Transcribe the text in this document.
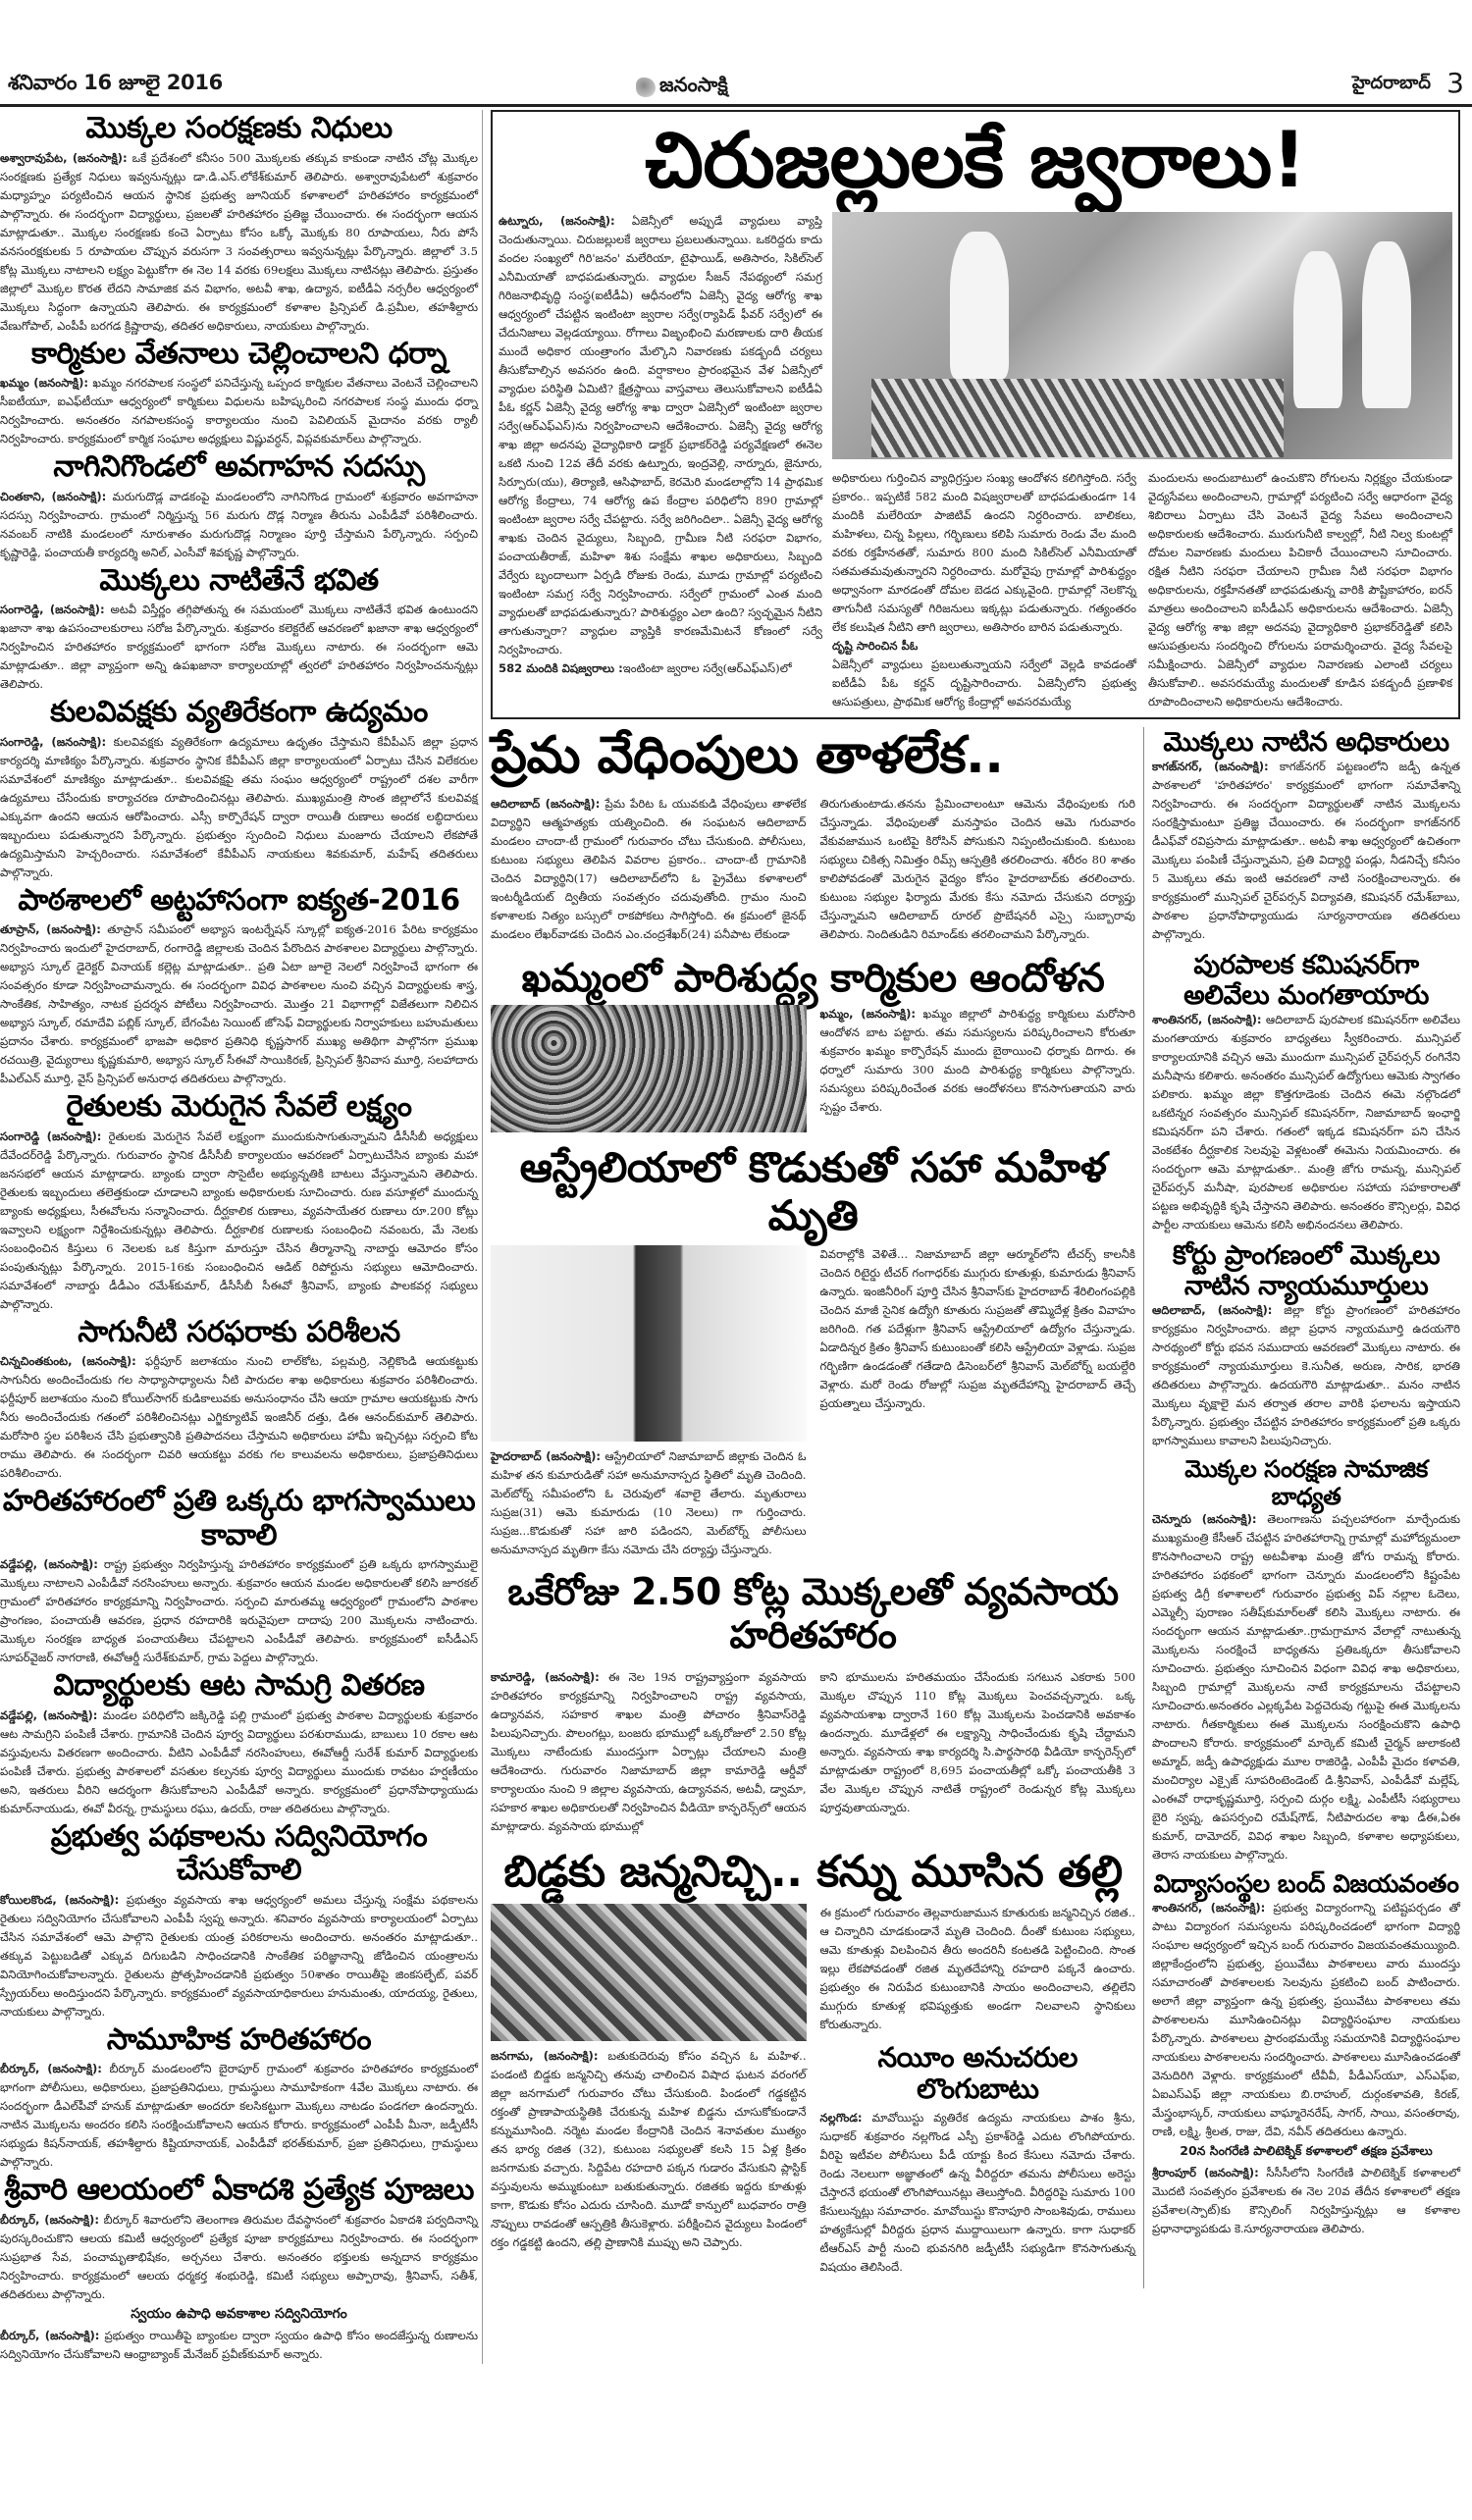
శనివారం 16 జూలై 2016	జనంసాక్షి	హైదరాబాద్ 3
మొక్కల సంరక్షణకు నిధులు

అశ్వారావుపేట, (జనంసాక్షి): ఒకే ప్రదేశంలో కనీసం 500 మొక్కలకు తక్కువ కాకుండా నాటిన చోట్ల మొక్కల సంరక్షణకు ప్రత్యేక నిధులు ఇవ్వనున్నట్లు డా.డి.ఎస్.లోకేశ్‌కుమార్ తెలిపారు. అశ్వారావుపేటలో శుక్రవారం మధ్యాహ్నం పర్యటించిన ఆయన స్థానిక ప్రభుత్వ జూనియర్ కళాశాలలో హరితహారం కార్యక్రమంలో పాల్గొన్నారు. ఈ సందర్భంగా విద్యార్థులు, ప్రజలతో హరితహారం ప్రతిజ్ఞ చేయించారు. ఈ సందర్భంగా ఆయన మాట్లాడుతూ.. మొక్కల సంరక్షణకు కంచె ఏర్పాటు కోసం ఒక్కో మొక్కకు 80 రూపాయలు, నీరు పోసే వనసంరక్షకులకు 5 రూపాయల చొప్పున వరుసగా 3 సంవత్సరాలు ఇవ్వనున్నట్లు పేర్కొన్నారు. జిల్లాలో 3.5 కోట్ల మొక్కలు నాటాలని లక్ష్యం పెట్టుకోగా ఈ నెల 14 వరకు 69లక్షలు మొక్కలు నాటినట్లు తెలిపారు. ప్రస్తుతం జిల్లాలో మొక్కల కొరత లేదని సామాజిక వన విభాగం, అటవీ శాఖ, ఉద్యాన, ఐటీడీఏ నర్సరీల ఆధ్వర్యంలో మొక్కలు సిద్ధంగా ఉన్నాయని తెలిపారు. ఈ కార్యక్రమంలో కళాశాల ప్రిన్సిపల్ డి.ప్రమీల, తహశీల్దారు వేణుగోపాల్, ఎంపీపీ బరగడ క్రిష్ణారావు, తదితర అధికారులు, నాయకులు పాల్గొన్నారు.

కార్మికుల వేతనాలు చెల్లించాలని ధర్నా

ఖమ్మం (జనంసాక్షి): ఖమ్మం నగరపాలక సంస్థలో పనిచేస్తున్న ఒప్పంద కార్మికుల వేతనాలు వెంటనే చెల్లించాలని సీఐటీయూ, ఐఎఫ్‌టీయూ ఆధ్వర్యంలో కార్మికులు విధులను బహిష్కరించి నగరపాలక సంస్థ ముందు ధర్నా నిర్వహించారు. అనంతరం నగపాలకసంస్థ కార్యాలయం నుంచి పెవిలియన్ మైదానం వరకు ర్యాలీ నిర్వహించారు. కార్యక్రమంలో కార్మిక సంఘాల అధ్యక్షులు విష్ణువర్ధన్, విప్లవకుమార్‌లు పాల్గొన్నారు.

నాగినిగొండలో అవగాహన సదస్సు

చింతకాని, (జనంసాక్షి): మరుగుదొడ్ల వాడకంపై మండలంలోని నాగినిగొండ గ్రామంలో శుక్రవారం అవగాహనా సదస్సు నిర్వహించారు. గ్రామంలో నిర్మిస్తున్న 56 మరుగు దొడ్ల నిర్మాణ తీరును ఎంపీడీవో పరిశీలించారు. నవంబర్ నాటికి మండలంలో నూరుశాతం మరుగుదొడ్ల నిర్మాణం పూర్తి చేస్తామని పేర్కొన్నారు. సర్పంచి కృష్ణారెడ్డి, పంచాయతీ కార్యదర్శి అనిల్, ఎంసీవో శివకృష్ణ పాల్గొన్నారు.

మొక్కలు నాటితేనే భవిత

సంగారెడ్డి, (జనంసాక్షి): అటవీ విస్తీర్ణం తగ్గిపోతున్న ఈ సమయంలో మొక్కలు నాటితేనే భవిత ఉంటుందని ఖజానా శాఖ ఉపసంచాలకురాలు సరోజ పేర్కొన్నారు. శుక్రవారం కలెక్టరేట్ ఆవరణలో ఖజానా శాఖ ఆధ్వర్యంలో నిర్వహించిన హరితహారం కార్యక్రమంలో భాగంగా సరోజ మొక్కలు నాటారు. ఈ సందర్భంగా ఆమె మాట్లాడుతూ.. జిల్లా వ్యాప్తంగా అన్ని ఉపఖజానా కార్యాలయాల్లో త్వరలో హరితహారం నిర్వహించనున్నట్లు తెలిపారు.

కులవివక్షకు వ్యతిరేకంగా ఉద్యమం

సంగారెడ్డి, (జనంసాక్షి): కులవివక్షకు వ్యతిరేకంగా ఉద్యమాలు ఉధృతం చేస్తామని కేవీపీఎస్ జిల్లా ప్రధాన కార్యదర్శి మాణిక్యం పేర్కొన్నారు. శుక్రవారం స్థానిక కేవీపీఎస్ జిల్లా కార్యాలయంలో ఏర్పాటు చేసిన విలేకరుల సమావేశంలో మాణిక్యం మాట్లాడుతూ.. కులవివక్షపై తమ సంఘం ఆధ్వర్యంలో రాష్ట్రంలో దశల వారీగా ఉద్యమాలు చేసేందుకు కార్యాచరణ రూపొందించినట్లు తెలిపారు. ముఖ్యమంత్రి సొంత జిల్లాలోనే కులవివక్ష ఎక్కువగా ఉందని ఆయన ఆరోపించారు. ఎస్సీ కార్పొరేషన్ ద్వారా రాయితీ రుణాలు అందక లబ్ధిదారులు ఇబ్బందులు పడుతున్నారని పేర్కొన్నారు. ప్రభుత్వం స్పందించి నిధులు మంజూరు చేయాలని లేకపోతే ఉద్యమిస్తామని హెచ్చరించారు. సమావేశంలో కేవీపీఎస్ నాయకులు శివకుమార్, మహేష్ తదితరులు పాల్గొన్నారు.

పాఠశాలలో అట్టహాసంగా ఐక్యత-2016

తూప్రాన్, (జనంసాక్షి): తూప్రాన్ సమీపంలో అభ్యాస ఇంటర్నేషన్ స్కూల్లో ఐక్యత-2016 పేరిట కార్యక్రమం నిర్వహించారు ఇందులో హైదరాబాద్, రంగారెడ్డి జిల్లాలకు చెందిన పేరొందిన పాఠశాలల విద్యార్థులు పాల్గొన్నారు. అభ్యాస స్కూల్ డైరెక్టర్ వినాయక్ కల్లెట్ల మాట్లాడుతూ.. ప్రతి ఏటా జూలై నెలలో నిర్వహించే భాగంగా ఈ సంవత్సరం కూడా నిర్వహించామన్నారు. ఈ సందర్భంగా వివిధ పాఠశాలల నుంచి వచ్చిన విద్యార్థులకు శాస్త్ర, సాంకేతిక, సాహిత్యం, నాటక ప్రదర్శన పోటీలు నిర్వహించారు. మొత్తం 21 విభాగాల్లో విజేతలుగా నిలిచిన అభ్యాస స్కూల్, రమాదేవి పబ్లిక్ స్కూల్, బేగంపేట సెయింట్ జోసెఫ్ విద్యార్థులకు నిర్వాహకులు బహుమతులు ప్రదానం చేశారు. కార్యక్రమంలో భాజపా అధికార ప్రతినిధి కృష్ణసాగర్ ముఖ్య అతిథిగా పాల్గొనగా ప్రముఖ రచయిత్రి, వైద్యురాలు కృష్ణకుమారి, అభ్యాస స్కూల్ సీఈవో సాయికిరణ్, ప్రిన్సిపల్ శ్రీనివాస మూర్తి, సలహాదారు పీఎల్ఎన్ మూర్తి, వైస్ ప్రిన్సిపల్ అనురాధ తదితరులు పాల్గొన్నారు.

రైతులకు మెరుగైన సేవలే లక్ష్యం

సంగారెడ్డి (జనంసాక్షి): రైతులకు మెరుగైన సేవలే లక్ష్యంగా ముందుకుసాగుతున్నామని డీసీసీబీ అధ్యక్షులు దేవేందర్‌రెడ్డి పేర్కొన్నారు. గురువారం స్థానిక డీసీసీబీ కార్యాలయం ఆవరణలో ఏర్పాటుచేసిన బ్యాంకు మహా జనసభలో ఆయన మాట్లాడారు. బ్యాంకు ద్వారా సొసైటీల అభ్యున్నతికి బాటలు వేస్తున్నామని తెలిపారు. రైతులకు ఇబ్బందులు తలెత్తకుండా చూడాలని బ్యాంకు అధికారులకు సూచించారు. రుణ వసూళ్లలో ముందున్న బ్యాంకు అధ్యక్షులు, సీఈవోలను సన్మానించారు. దీర్ఘకాలిక రుణాలు, వ్యవసాయేతర రుణాలు రూ.200 కోట్లు ఇవ్వాలని లక్ష్యంగా నిర్దేశించుకున్నట్లు తెలిపారు. దీర్ఘకాలిక రుణాలకు సంబంధించి నవంబరు, మే నెలకు సంబంధించిన కిస్తులు 6 నెలలకు ఒక కిస్తుగా మారుస్తూ చేసిన తీర్మానాన్ని నాబార్డు ఆమోదం కోసం పంపుతున్నట్లు పేర్కొన్నారు. 2015-16కు సంబంధించిన ఆడిట్ రిపోర్టును సభ్యులు ఆమోదించారు. సమావేశంలో నాబార్డు డీడీఎం రమేశ్‌కుమార్, డీసీసీబీ సీఈవో శ్రీనివాస్, బ్యాంకు పాలకవర్గ సభ్యులు పాల్గొన్నారు.

సాగునీటి సరఫరాకు పరిశీలన

చిన్నచింతకుంట, (జనంసాక్షి): ఫర్దీపూర్ జలాశయం నుంచి లాల్‌కోట, పల్లమర్రి, నెల్లికొండి ఆయకట్టుకు సాగునీరు అందించేందుకు గల సాధ్యాసాధ్యాలను నీటి పారుదల శాఖ అధికారులు శుక్రవారం పరిశీలించారు. ఫర్దీపూర్ జలాశయం నుంచి కోయిల్‌సాగర్ కుడికాలువకు అనుసంధానం చేసి ఆయా గ్రామాల ఆయకట్టుకు సాగు నీరు అందించేందుకు గతంలో పరిశీలించినట్లు ఎగ్జిక్యూటివ్ ఇంజినీర్ దత్తు, డిఈ ఆనంద్‌కుమార్ తెలిపారు. మరోసారి స్థల పరిశీలన చేసి ప్రభుత్వానికి ప్రతిపాదనలు చేస్తామని అధికారులు హామీ ఇచ్చినట్లు సర్పంచి కోట రాము తెలిపారు. ఈ సందర్భంగా చివరి ఆయకట్టు వరకు గల కాలువలను అధికారులు, ప్రజాప్రతినిధులు పరిశీలించారు.

హరితహారంలో ప్రతి ఒక్కరు భాగస్వాములు కావాలి

వడ్డేపల్లి, (జనంసాక్షి): రాష్ట్ర ప్రభుత్వం నిర్వహిస్తున్న హరితహారం కార్యక్రమంలో ప్రతి ఒక్కరు భాగస్వాములై మొక్కలు నాటాలని ఎంపీడీవో నరసింహులు అన్నారు. శుక్రవారం ఆయన మండల అధికారులతో కలిసి జూరకల్ గ్రామంలో హరితహారం కార్యక్రమాన్ని నిర్వహించారు. సర్పంచి మారుతమ్మ ఆధ్వర్యంలో గ్రామంలోని పాఠశాల ప్రాంగణం, పంచాయతీ ఆవరణ, ప్రధాన రహదారికి ఇరువైపులా దాదాపు 200 మొక్కలను నాటించారు. మొక్కల సంరక్షణ బాధ్యత పంచాయతీలు చేపట్టాలని ఎంపీడీవో తెలిపారు. కార్యక్రమంలో ఐసీడీఎస్ సూపర్‌వైజర్ నాగరాణి, ఈవోఆర్డీ సురేశ్‌కుమార్, గ్రామ పెద్దలు పాల్గొన్నారు.

విద్యార్థులకు ఆట సామగ్రి వితరణ

వడ్డేపల్లి, (జనంసాక్షి): మండల పరిధిలోని జక్కిరెడ్డి పల్లి గ్రామంలో ప్రభుత్వ పాఠశాల విద్యార్థులకు శుక్రవారం ఆట సామగ్రిని పంపిణీ చేశారు. గ్రామానికి చెందిన పూర్వ విద్యార్థులు పరశురాముడు, బాబులు 10 రకాల ఆట వస్తువులను వితరణగా అందించారు. వీటిని ఎంపీడీవో నరసింహులు, ఈవోఆర్డీ సురేశ్ కుమార్ విద్యార్థులకు పంపిణీ చేశారు. ప్రభుత్వ పాఠశాలలో వసతుల కల్పనకు పూర్వ విద్యార్థులు ముందుకు రావటం హర్షణీయం అని, ఇతరులు వీరిని ఆదర్శంగా తీసుకోవాలని ఎంపీడీవో అన్నారు. కార్యక్రమంలో ప్రధానోపాధ్యాయుడు కుమార్‌నాయుడు, ఈవో వీరన్న, గ్రామస్థులు రఘు, ఉదయ్, రాజు తదితరులు పాల్గొన్నారు.

ప్రభుత్వ పథకాలను సద్వినియోగం చేసుకోవాలి

కోయిలకొండ, (జనంసాక్షి): ప్రభుత్వం వ్యవసాయ శాఖ ఆధ్వర్యంలో అమలు చేస్తున్న సంక్షేమ పథకాలను రైతులు సద్వినియోగం చేసుకోవాలని ఎంపీపీ స్వప్న అన్నారు. శనివారం వ్యవసాయ కార్యాలయంలో ఏర్పాటు చేసిన సమావేశంలో ఆమె పాల్గొని రైతులకు యంత్ర పరికరాలను అందించారు. అనంతరం మాట్లాడుతూ.. తక్కువ పెట్టుబడితో ఎక్కువ దిగుబడిని సాధించడానికి సాంకేతిక పరిజ్ఞానాన్ని జోడించిన యంత్రాలను వినియోగించుకోవాలన్నారు. రైతులను ప్రోత్సహించడానికి ప్రభుత్వం 50శాతం రాయితీపై జింకసల్ఫేట్, పవర్ స్ప్రేయర్‌లు అందిస్తుందని పేర్కొన్నారు. కార్యక్రమంలో వ్యవసాయాధికారులు హనుమంతు, యాదయ్య, రైతులు, నాయకులు పాల్గొన్నారు.

సామూహిక హరితహారం

బీర్కూర్, (జనంసాక్షి): బీర్కూర్ మండలంలోని బైరాపూర్ గ్రామంలో శుక్రవారం హరితహారం కార్యక్రమంలో భాగంగా పోలీసులు, అధికారులు, ప్రజాప్రతినిధులు, గ్రామస్థులు సామూహికంగా 4వేల మొక్కలు నాటారు. ఈ సందర్భంగా డీఎల్‌పీవో హనుక్ మాట్లాడుతూ అందరూ కలసికట్టుగా మొక్కలు నాటడం పండగలా ఉందన్నారు. నాటిన మొక్కలను అందరం కలిసి సంరక్షించుకోవాలని ఆయన కోరారు. కార్యక్రమంలో ఎంపీపీ మీనా, జడ్పీటీసీ సభ్యుడు కిషన్‌నాయక్, తహశీల్దారు కిష్టియానాయక్, ఎంపీడీవో భరత్‌కుమార్, ప్రజా ప్రతినిధులు, గ్రామస్థులు పాల్గొన్నారు.

శ్రీవారి ఆలయంలో ఏకాదశి ప్రత్యేక పూజలు

బీర్కూర్, (జనంసాక్షి): బీర్కూర్ శివారులోని తెలంగాణ తిరుమల దేవస్థానంలో శుక్రవారం ఏకాదశి పర్వదినాన్ని పురస్కరించుకొని ఆలయ కమిటీ ఆధ్వర్యంలో ప్రత్యేక పూజా కార్యక్రమాలు నిర్వహించారు. ఈ సందర్భంగా సుప్రభాత సేవ, పంచామృతాభిషేకం, అర్చనలు చేశారు. అనంతరం భక్తులకు అన్నదాన కార్యక్రమం నిర్వహించారు. కార్యక్రమంలో ఆలయ ధర్మకర్త శంభురెడ్డి, కమిటీ సభ్యులు అప్పారావు, శ్రీనివాస్, సతీశ్, తదితరులు పాల్గొన్నారు.

స్వయం ఉపాధి అవకాశాల సద్వినియోగం

బీర్కూర్, (జనంసాక్షి): ప్రభుత్వం రాయితీపై బ్యాంకుల ద్వారా స్వయం ఉపాధి కోసం అందజేస్తున్న రుణాలను సద్వినియోగం చేసుకోవాలని ఆంధ్రాబ్యాంక్ మేనేజర్ ప్రవీణ్‌కుమార్ అన్నారు.

చిరుజల్లులకే జ్వరాలు!
ఉట్నూరు, (జనంసాక్షి): ఏజెన్సీలో అప్పుడే వ్యాధులు వ్యాప్తి చెందుతున్నాయి. చిరుజల్లులకే జ్వరాలు ప్రబలుతున్నాయి. ఒకరిద్దరు కాదు వందల సంఖ్యలో గిరి'జనం' మలేరియా, టైఫాయిడ్, అతిసారం, సికిల్‌సెల్ ఎనీమియాతో బాధపడుతున్నారు. వ్యాధుల సీజన్ నేపథ్యంలో సమగ్ర గిరిజనాభివృద్ధి సంస్థ(ఐటీడీఏ) ఆధీనంలోని ఏజెన్సీ వైద్య ఆరోగ్య శాఖ ఆధ్వర్యంలో చేపట్టిన ఇంటింటా జ్వరాల సర్వే(ర్యాపిడ్ ఫీవర్ సర్వే)లో ఈ చేదునిజాలు వెల్లడయ్యాయి. రోగాలు విజృంభించి మరణాలకు దారి తీయక ముందే అధికార యంత్రాంగం మేల్కొని నివారణకు పకడ్బందీ చర్యలు తీసుకోవాల్సిన అవసరం ఉంది. వర్షాకాలం ప్రారంభమైన వేళ ఏజెన్సీలో వ్యాధుల పరిస్థితి ఏమిటి? క్షేత్రస్థాయి వాస్తవాలు తెలుసుకోవాలని ఐటీడీఏ పీఓ కర్ణన్ ఏజెన్సీ వైద్య ఆరోగ్య శాఖ ద్వారా ఏజెన్సీలో ఇంటింటా జ్వరాల సర్వే(ఆర్ఎఫ్ఎస్)ను నిర్వహించాలని ఆదేశించారు. ఏజెన్సీ వైద్య ఆరోగ్య శాఖ జిల్లా అదనపు వైద్యాధికారి డాక్టర్ ప్రభాకర్‌రెడ్డి పర్యవేక్షణలో ఈనెల ఒకటి నుంచి 12వ తేదీ వరకు ఉట్నూరు, ఇంద్రవెల్లి, నార్నూరు, జైనూరు, సిర్పూరు(యు), తిర్యాణి, ఆసిఫాబాద్, కెరమెరి మండలాల్లోని 14 ప్రాథమిక ఆరోగ్య కేంద్రాలు, 74 ఆరోగ్య ఉప కేంద్రాల పరిధిలోని 890 గ్రామాల్లో ఇంటింటా జ్వరాల సర్వే చేపట్టారు. సర్వే జరిగిందిలా.. ఏజెన్సీ వైద్య ఆరోగ్య శాఖకు చెందిన వైద్యులు, సిబ్బంది, గ్రామీణ నీటి సరఫరా విభాగం, పంచాయతీరాజ్, మహిళా శిశు సంక్షేమ శాఖల అధికారులు, సిబ్బంది వేర్వేరు బృందాలుగా ఏర్పడి రోజుకు రెండు, మూడు గ్రామాల్లో పర్యటించి ఇంటింటా సమగ్ర సర్వే నిర్వహించారు. సర్వేలో గ్రామంలో ఎంత మంది వ్యాధులతో బాధపడుతున్నారు? పారిశుద్ధ్యం ఎలా ఉంది? స్వచ్ఛమైన నీటిని తాగుతున్నారా? వ్యాధుల వ్యాప్తికి కారణమేమిటనే కోణంలో సర్వే నిర్వహించారు.
582 మందికి విషజ్వరాలు :ఇంటింటా జ్వరాల సర్వే(ఆర్ఎఫ్ఎస్)లో
అధికారులు గుర్తించిన వ్యాధిగ్రస్తుల సంఖ్య ఆందోళన కలిగిస్తోంది. సర్వే ప్రకారం.. ఇప్పటికే 582 మంది విషజ్వరాలతో బాధపడుతుండగా 14 మందికి మలేరియా పాజిటివ్ ఉందని నిర్ధరించారు. బాలికలు, మహిళలు, చిన్న పిల్లలు, గర్భిణులు కలిపి సుమారు రెండు వేల మంది వరకు రక్తహీనతతో, సుమారు 800 మంది సికిల్‌సెల్ ఎనీమియాతో సతమతమవుతున్నారని నిర్ధరించారు. మరోవైపు గ్రామాల్లో పారిశుద్ధ్యం అధ్వానంగా మారడంతో దోమల బెడద ఎక్కువైంది. గ్రామాల్లో నెలకొన్న తాగునీటి సమస్యతో గిరిజనులు ఇక్కట్లు పడుతున్నారు. గత్యంతరం లేక కలుషిత నీటిని తాగి జ్వరాలు, అతిసారం బారిన పడుతున్నారు.
దృష్టి సారించిన పీఓ
ఏజెన్సీలో వ్యాధులు ప్రబలుతున్నాయని సర్వేలో వెల్లడి కావడంతో ఐటీడీఏ పీఓ కర్ణన్ దృష్టిసారించారు. ఏజెన్సీలోని ప్రభుత్వ ఆసుపత్రులు, ప్రాథమిక ఆరోగ్య కేంద్రాల్లో అవసరమయ్యే
మందులను అందుబాటులో ఉంచుకొని రోగులను నిర్లక్ష్యం చేయకుండా వైద్యసేవలు అందించాలని, గ్రామాల్లో పర్యటించి సర్వే ఆధారంగా వైద్య శిబిరాలు ఏర్పాటు చేసి వెంటనే వైద్య సేవలు అందించాలని అధికారులకు ఆదేశించారు. మురుగునీటి కాల్వల్లో, నీటి నిల్వ కుంటల్లో దోమల నివారణకు మందులు పిచికారీ చేయించాలని సూచించారు. రక్షిత నీటిని సరఫరా చేయాలని గ్రామీణ నీటి సరఫరా విభాగం అధికారులను, రక్తహీనతతో బాధపడుతున్న వారికి పౌష్టికాహారం, ఐరన్ మాత్రలు అందించాలని ఐసీడీఎస్ అధికారులను ఆదేశించారు. ఏజెన్సీ వైద్య ఆరోగ్య శాఖ జిల్లా అదనపు వైద్యాధికారి ప్రభాకర్‌రెడ్డితో కలిసి ఆసుపత్రులను సందర్శించి రోగులను పరామర్శించారు. వైద్య సేవలపై సమీక్షించారు. ఏజెన్సీలో వ్యాధుల నివారణకు ఎలాంటి చర్యలు తీసుకోవాలి.. అవసరమయ్యే మందులతో కూడిన పకడ్బందీ ప్రణాళిక రూపొందించాలని అధికారులను ఆదేశించారు.
ప్రేమ వేధింపులు తాళలేక..

ఆదిలాబాద్ (జనంసాక్షి): ప్రేమ పేరిట ఓ యువకుడి వేధింపులు తాళలేక విద్యార్థిని ఆత్మహత్యకు యత్నించింది. ఈ సంఘటన ఆదిలాబాద్ మండలం చాందా-టీ గ్రామంలో గురువారం చోటు చేసుకుంది. పోలీసులు, కుటుంబ సభ్యులు తెలిపిన వివరాల ప్రకారం.. చాందా-టీ గ్రామానికి చెందిన విద్యార్థిని(17) ఆదిలాబాద్‌లోని ఓ ప్రైవేటు కళాశాలలో ఇంటర్మీడియట్ ద్వితీయ సంవత్సరం చదువుతోంది. గ్రామం నుంచి కళాశాలకు నిత్యం బస్సులో రాకపోకలు సాగిస్తోంది. ఈ క్రమంలో జైనథ్ మండలం లేఖర్‌వాడకు చెందిన ఎం.చంద్రశేఖర్(24) పనీపాట లేకుండా

తిరుగుతుంటాడు.తనను ప్రేమించాలంటూ ఆమెను వేధింపులకు గురి చేస్తున్నాడు. వేధింపులతో మనస్తాపం చెందిన ఆమె గురువారం వేకువజామున ఒంటిపై కిరోసిన్ పోసుకుని నిప్పంటించుకుంది. కుటుంబ సభ్యులు చికిత్స నిమిత్తం రిమ్స్ ఆస్పత్రికి తరలించారు. శరీరం 80 శాతం కాలిపోవడంతో మెరుగైన వైద్యం కోసం హైదరాబాద్‌కు తరలించారు. కుటుంబ సభ్యుల ఫిర్యాదు మేరకు కేసు నమోదు చేసుకుని దర్యాప్తు చేస్తున్నామని ఆదిలాబాద్ రూరల్ ప్రొబేషనరీ ఎస్సై సుబ్బారావు తెలిపారు. నిందితుడిని రిమాండ్‌కు తరలించామని పేర్కొన్నారు.

ఖమ్మంలో పారిశుద్ధ్య కార్మికుల ఆందోళన

ఖమ్మం, (జనంసాక్షి): ఖమ్మం జిల్లాలో పారిశుద్ధ్య కార్మికులు మరోసారి ఆందోళన బాట పట్టారు. తమ సమస్యలను పరిష్కరించాలని కోరుతూ శుక్రవారం ఖమ్మం కార్పొరేషన్ ముందు బైఠాయించి ధర్నాకు దిగారు. ఈ ధర్నాలో సుమారు 300 మంది పారిశుద్ధ్య కార్మికులు పాల్గొన్నారు. సమస్యలు పరిష్కరించేంత వరకు ఆందోళనలు కొనసాగుతాయని వారు స్పష్టం చేశారు.

ఆస్ట్రేలియాలో కొడుకుతో సహా మహిళ మృతి

హైదరాబాద్ (జనంసాక్షి): ఆస్ట్రేలియాలో నిజామాబాద్ జిల్లాకు చెందిన ఓ మహిళ తన కుమారుడితో సహా అనుమానాస్పద స్థితిలో మృతి చెందింది. మెల్‌బోర్న్ సమీపంలోని ఓ చెరువులో శవాలై తేలారు. మృతురాలు సుప్రజ(31) ఆమె కుమారుడు (10 నెలలు) గా గుర్తించారు. సుప్రజ...కొడుకుతో సహా జారి పడిందని, మెల్‌బోర్న్ పోలీసులు అనుమానాస్పద మృతిగా కేసు నమోదు చేసి దర్యాప్తు చేస్తున్నారు.

వివరాల్లోకి వెళితే... నిజామాబాద్ జిల్లా ఆర్మూర్‌లోని టీచర్స్ కాలనీకి చెందిన రిటైర్డు టీచర్ గంగాధర్‌కు ముగ్గురు కూతుళ్లు, కుమారుడు శ్రీనివాస్ ఉన్నారు. ఇంజినీరింగ్ పూర్తి చేసిన శ్రీనివాస్‌కు హైదరాబాద్ శేరిలింగంపల్లికి చెందిన మాజీ సైనిక ఉద్యోగి కూతురు సుప్రజతో తొమ్మిదేళ్ల క్రితం వివాహం జరిగింది. గత పదేళ్లుగా శ్రీనివాస్ ఆస్ట్రేలియాలో ఉద్యోగం చేస్తున్నాడు. ఏడాదిన్నర క్రితం శ్రీనివాస్ కుటుంబంతో కలిసి ఆస్ట్రేలియా వెళ్లాడు. సుప్రజ గర్భిణిగా ఉండడంతో గతేడాది డిసెంబర్‌లో శ్రీనివాస్ మెల్‌బోర్న్ బయల్దేరి వెళ్లారు. మరో రెండు రోజుల్లో సుప్రజ మృతదేహాన్ని హైదరాబాద్ తెచ్చే ప్రయత్నాలు చేస్తున్నారు.

ఒకేరోజు 2.50 కోట్ల మొక్కలతో వ్యవసాయ హరితహారం

కామారెడ్డి, (జనంసాక్షి): ఈ నెల 19న రాష్ట్రవ్యాప్తంగా వ్యవసాయ హరితహారం కార్యక్రమాన్ని నిర్వహించాలని రాష్ట్ర వ్యవసాయ, ఉద్యానవన, సహకార శాఖల మంత్రి పోచారం శ్రీనివాస్‌రెడ్డి పిలుపునిచ్చారు. పొలంగట్లు, బంజరు భూముల్లో ఒక్కరోజులో 2.50 కోట్ల మొక్కలు నాటేందుకు ముందస్తుగా ఏర్పాట్లు చేయాలని మంత్రి ఆదేశించారు. గురువారం నిజామాబాద్ జిల్లా కామారెడ్డి ఆర్డీవో కార్యాలయం నుంచి 9 జిల్లాల వ్యవసాయ, ఉద్యానవన, అటవీ, డ్వామా, సహకార శాఖల అధికారులతో నిర్వహించిన వీడియో కాన్ఫరెన్స్‌లో ఆయన మాట్లాడారు. వ్యవసాయ భూముల్లో

కాని భూములను హరితమయం చేసేందుకు సగటున ఎకరాకు 500 మొక్కల చొప్పున 110 కోట్ల మొక్కలు పెంచవచ్చన్నారు. ఒక్క వ్యవసాయశాఖ ద్వారానే 160 కోట్ల మొక్కలను పెంచడానికి అవకాశం ఉందన్నారు. మూడేళ్లలో ఈ లక్ష్యాన్ని సాధించేందుకు కృషి చేద్దామని అన్నారు. వ్యవసాయ శాఖ కార్యదర్శి సి.పార్థసారథి వీడియో కాన్ఫరెన్స్‌లో మాట్లాడుతూ రాష్ట్రంలో 8,695 పంచాయతీల్లో ఒక్కో పంచాయతీకి 3 వేల మొక్కల చొప్పున నాటితే రాష్ట్రంలో రెండున్నర కోట్ల మొక్కలు పూర్తవుతాయన్నారు.

బిడ్డకు జన్మనిచ్చి.. కన్ను మూసిన తల్లి

జనగామ, (జనంసాక్షి): బతుకుదెరువు కోసం వచ్చిన ఓ మహిళ.. పండంటి బిడ్డకు జన్మనిచ్చి తనువు చాలించిన విషాద ఘటన వరంగల్ జిల్లా జనగామలో గురువారం చోటు చేసుకుంది. పిండంలో గడ్డకట్టిన రక్తంతో ప్రాణాపాయస్థితికి చేరుకున్న మహిళ బిడ్డను చూసుకోకుండానే కన్నుమూసింది. నర్మెట మండల కేంద్రానికి చెందిన శెనావతుల ముత్యం తన భార్య రజిత (32), కుటుంబ సభ్యులతో కలసి 15 ఏళ్ల క్రితం జనగామకు వచ్చారు. సిద్దిపేట రహదారి పక్కన గుడారం వేసుకుని ప్లాస్టిక్ వస్తువులను అమ్ముకుంటూ బతుకుతున్నారు. రజితకు ఇద్దరు కూతుళ్లు కాగా, కొడుకు కోసం ఎదురు చూసింది. మూడో కాన్పులో బుధవారం రాత్రి నొప్పులు రావడంతో ఆస్పత్రికి తీసుకెళ్లారు. పరీక్షించిన వైద్యులు పిండంలో రక్తం గడ్డకట్టి ఉందని, తల్లి ప్రాణానికి ముప్పు అని చెప్పారు.

ఈ క్రమంలో గురువారం తెల్లవారుజామున కూతురుకు జన్మనిచ్చిన రజిత.. ఆ చిన్నారిని చూడకుండానే మృతి చెందింది. దీంతో కుటుంబ సభ్యులు, ఆమె కూతుళ్లు విలపించిన తీరు అందరినీ కంటతడి పెట్టించింది. సొంత ఇల్లు లేకపోవడంతో రజిత మృతదేహాన్ని రహదారి పక్కనే ఉంచారు. ప్రభుత్వం ఈ నిరుపేద కుటుంబానికి సాయం అందించాలని, తల్లిలేని ముగ్గురు కూతుళ్ల భవిష్యత్తుకు అండగా నిలవాలని స్థానికులు కోరుతున్నారు.

నయీం అనుచరుల లొంగుబాటు

నల్లగొండ: మావోయిస్టు వ్యతిరేక ఉద్యమ నాయకులు పాశం శ్రీను, సుధాకర్ శుక్రవారం నల్లగొండ ఎస్పీ ప్రకాశ్‌రెడ్డి ఎదుట లొంగిపోయారు. వీరిపై ఇటీవల పోలీసులు పీడీ యాక్టు కింద కేసులు నమోదు చేశారు. రెండు నెలలుగా అజ్ఞాతంలో ఉన్న వీరిద్దరూ తమను పోలీసులు అరెస్టు చేస్తారనే భయంతో లొంగిపోయినట్లు తెలుస్తోంది. వీరిద్దరిపై సుమారు 100 కేసులున్నట్లు సమాచారం. మావోయిస్టు కొనాపూరి సాంబశివుడు, రాములు హత్యకేసుల్లో వీరిద్దరు ప్రధాన ముద్దాయిలుగా ఉన్నారు. కాగా సుధాకర్ టీఆర్ఎస్ పార్టీ నుంచి భువనగిరి జడ్పీటీసీ సభ్యుడిగా కొనసాగుతున్న విషయం తెలిసిందే.

మొక్కలు నాటిన అధికారులు

కాగజ్‌నగర్, (జనంసాక్షి): కాగజ్‌నగర్ పట్టణంలోని జడ్పీ ఉన్నత పాఠశాలలో 'హరితహారం' కార్యక్రమంలో భాగంగా సమావేశాన్ని నిర్వహించారు. ఈ సందర్భంగా విద్యార్థులతో నాటిన మొక్కలను సంరక్షిస్తామంటూ ప్రతిజ్ఞ చేయించారు. ఈ సందర్భంగా కాగజ్‌నగర్ డీఎఫ్‌వో రవిప్రసాదు మాట్లాడుతూ.. అటవీ శాఖ ఆధ్వర్యంలో ఉచితంగా మొక్కలు పంపిణీ చేస్తున్నామని, ప్రతి విద్యార్థి పండ్లు, నీడనిచ్చే కనీసం 5 మొక్కలు తమ ఇంటి ఆవరణలో నాటి సంరక్షించాలన్నారు. ఈ కార్యక్రమంలో మున్సిపల్ చైర్‌పర్సన్ విద్యావతి, కమిషనర్ రమేశ్‌బాబు, పాఠశాల ప్రధానోపాధ్యాయుడు సూర్యనారాయణ తదితరులు పాల్గొన్నారు.

పురపాలక కమిషనర్‌గా అలివేలు మంగతాయారు

శాంతినగర్, (జనంసాక్షి): ఆదిలాబాద్ పురపాలక కమిషనర్‌గా అలివేలు మంగతాయారు శుక్రవారం బాధ్యతలు స్వీకరించారు. మున్సిపల్ కార్యాలయానికి వచ్చిన ఆమె ముందుగా మున్సిపల్ చైర్‌పర్సన్ రంగినేని మనీషాను కలిశారు. అనంతరం మున్సిపల్ ఉద్యోగులు ఆమెకు స్వాగతం పలికారు. ఖమ్మం జిల్లా కొత్తగూడెంకు చెందిన ఈమె నల్గొండలో ఒకటిన్నర సంవత్సరం మున్సిపల్ కమిషనర్‌గా, నిజామాబాద్ ఇంఛార్జి కమిషనర్‌గా పని చేశారు. గతంలో ఇక్కడ కమిషనర్‌గా పని చేసిన వెంకటేశం దీర్ఘకాలిక సెలవుపై వెళ్లటంతో ఈమెను నియమించారు. ఈ సందర్భంగా ఆమె మాట్లాడుతూ.. మంత్రి జోగు రామన్న, మున్సిపల్ చైర్‌పర్సన్ మనీషా, పురపాలక అధికారుల సహాయ సహకారాలతో పట్టణ అభివృద్ధికి కృషి చేస్తానని తెలిపారు. అనంతరం కౌన్సిలర్లు, వివిధ పార్టీల నాయకులు ఆమెను కలిసి అభినందనలు తెలిపారు.

కోర్టు ప్రాంగణంలో మొక్కలు నాటిన న్యాయమూర్తులు

ఆదిలాబాద్, (జనంసాక్షి): జిల్లా కోర్టు ప్రాంగణంలో హరితహారం కార్యక్రమం నిర్వహించారు. జిల్లా ప్రధాన న్యాయమూర్తి ఉదయగౌరి సారథ్యంలో కోర్టు భవన సముదాయ ఆవరణలో మొక్కలు నాటారు. ఈ కార్యక్రమంలో న్యాయమూర్తులు కె.సునీత, అరుణ, సారిక, భారతి తదితరులు పాల్గొన్నారు. ఉదయగౌరి మాట్లాడుతూ.. మనం నాటిన మొక్కలు వృక్షాలై మన తర్వాత తరాల వారికి ఫలాలను ఇస్తాయని పేర్కొన్నారు. ప్రభుత్వం చేపట్టిన హరితహారం కార్యక్రమంలో ప్రతి ఒక్కరు భాగస్వాములు కావాలని పిలుపునిచ్చారు.

మొక్కల సంరక్షణ సామాజిక బాధ్యత

చెన్నూరు (జనంసాక్షి): తెలంగాణను పచ్చలహారంగా మార్చేందుకు ముఖ్యమంత్రి కేసీఆర్ చేపట్టిన హరితహారాన్ని గ్రామాల్లో మహోద్యమంలా కొనసాగించాలని రాష్ట్ర అటవీశాఖ మంత్రి జోగు రామన్న కోరారు. హరితహారం పథకంలో భాగంగా చెన్నూరు మండలంలోని కిష్టంపేట ప్రభుత్వ డిగ్రీ కళాశాలలో గురువారం ప్రభుత్వ విప్ నల్లాల ఓదెలు, ఎమ్మెల్సీ పురాణం సతీష్‌కుమార్‌లతో కలిసి మొక్కలు నాటారు. ఈ సందర్భంగా ఆయన మాట్లాడుతూ..గ్రామగ్రామాన వేలాల్లో నాటుతున్న మొక్కలను సంరక్షించే బాధ్యతను ప్రతిఒక్కరూ తీసుకోవాలని సూచించారు. ప్రభుత్వం సూచించిన విధంగా వివిధ శాఖ అధికారులు, సిబ్బంది గ్రామాల్లో మొక్కలను నాటే కార్యక్రమాలను చేపట్టాలని సూచించారు.అనంతరం ఎల్లక్కపేట పెద్దచెరువు గట్టుపై ఈత మొక్కలను నాటారు. గీతకార్మికులు ఈత మొక్కలను సంరక్షించుకొని ఉపాధి పొందాలని కోరారు. కార్యక్రమంలో మార్కెట్ కమిటీ చైర్మన్ జులాకంటి అమ్మాద్, జడ్పీ ఉపాధ్యక్షుడు మూల రాజిరెడ్డి, ఎంపీపీ మైదం కళావతి, మంచిర్యాల ఎక్సైజ్ సూపరింటెండెంట్ డి.శ్రీనివాస్, ఎంపీడీవో మల్లేష్, ఎంఈవో రాధాకృష్ణమూర్తి, సర్పంచి దుర్గం లక్ష్మి, ఎంపీటీసీ సభ్యురాలు బైరి స్వప్న, ఉపసర్పంచి రమేష్‌గౌడ్, నీటిపారుదల శాఖ డీఈ,ఏఈ కుమార్, దామోదర్, వివిధ శాఖల సిబ్బంది, కళాశాల అధ్యాపకులు, తెరాస నాయకులు పాల్గొన్నారు.

విద్యాసంస్థల బంద్ విజయవంతం

శాంతినగర్, (జనంసాక్షి): ప్రభుత్వ విద్యారంగాన్ని పటిష్టపర్చడం తో పాటు విద్యారంగ సమస్యలను పరిష్కరించడంలో భాగంగా విద్యార్థి సంఘాల ఆధ్వర్యంలో ఇచ్చిన బంద్ గురువారం విజయవంతమయ్యింది. జిల్లాకేంద్రంలోని ప్రభుత్వ, ప్రయివేటు పాఠశాలలు వారు ముందస్తు సమాచారంతో పాఠశాలలకు సెలవును ప్రకటించి బంద్ పాటించారు. అలాగే జిల్లా వ్యాప్తంగా ఉన్న ప్రభుత్వ, ప్రయివేటు పాఠశాలలు తమ పాఠశాలలను మూసిఉంచినట్లు విద్యార్థిసంఘాల నాయకులు పేర్కొన్నారు. పాఠశాలలు ప్రారంభమయ్యే సమయానికి విద్యార్థిసంఘాల నాయకులు పాఠశాలలను సందర్శించారు. పాఠశాలలు మూసిఉంచడంతో వెనుదిరిగి వెళ్లారు. కార్యక్రమంలో టీవీవీ, పీడీఎస్‌యూ, ఎస్ఎఫ్ఐ, ఏఐఎస్ఎఫ్ జిల్లా నాయకులు బి.రాహుల్, దుర్గంకళావతి, కిరణ్, మేస్త్రంభాస్కర్, నాయకులు వాఘ్మారెనరేష్, సాగర్, సాయి, వసంతరావు, రాణి, లక్ష్మి, శ్రీలత, రాజు, దేవి, నవీన్ తదితరులు ఉన్నారు.

20న సింగరేణి పాలిటెక్నిక్ కళాశాలలో తక్షణ ప్రవేశాలు

శ్రీరాంపూర్ (జనంసాక్షి): సీసీసీలోని సింగరేణి పాలిటెక్నిక్ కళాశాలలో మొదటి సంవత్సరం ప్రవేశాలకు ఈ నెల 20వ తేదీన కళాశాలలో తక్షణ ప్రవేశాల(స్పాట్)కు కౌన్సిలింగ్ నిర్వహిస్తున్నట్లు ఆ కళాశాల ప్రధానాధ్యాపకుడు కె.సూర్యనారాయణ తెలిపారు.
